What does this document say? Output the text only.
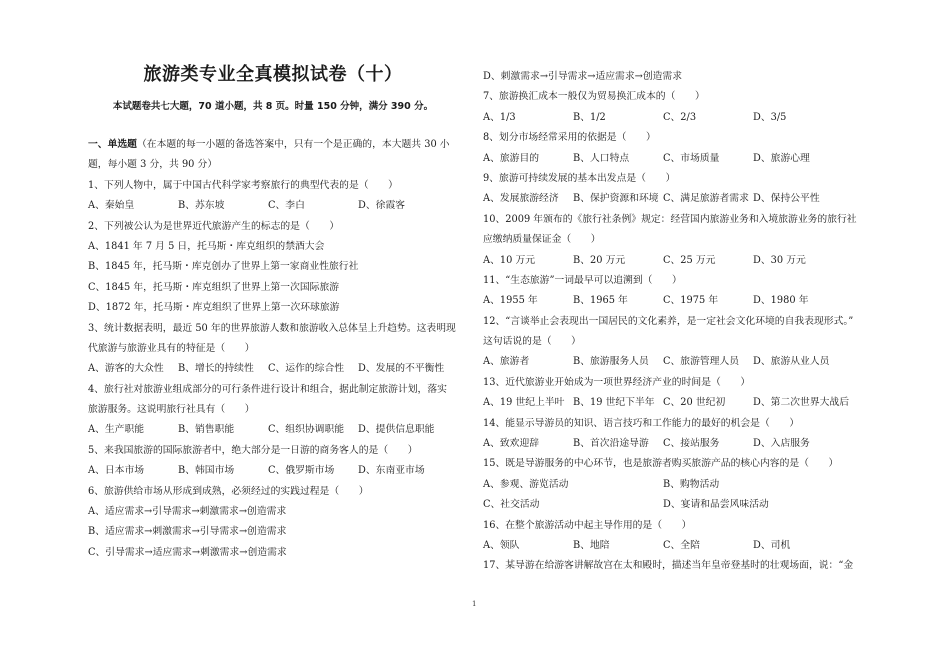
旅游类专业全真模拟试卷（十）
本试题卷共七大题，70 道小题，共 8 页。时量 150 分钟，满分 390 分。
一、单选题（在本题的每一小题的备选答案中，只有一个是正确的，本大题共 30 小
题，每小题 3 分，共 90 分）
1、下列人物中，属于中国古代科学家考察旅行的典型代表的是（　　）
A、秦始皇	B、苏东坡	C、李白	D、徐霞客
2、下列被公认为是世界近代旅游产生的标志的是（　　）
A、1841 年 7 月 5 日，托马斯・库克组织的禁酒大会
B、1845 年，托马斯・库克创办了世界上第一家商业性旅行社
C、1845 年，托马斯・库克组织了世界上第一次国际旅游
D、1872 年，托马斯・库克组织了世界上第一次环球旅游
3、统计数据表明，最近 50 年的世界旅游人数和旅游收入总体呈上升趋势。这表明现
代旅游与旅游业具有的特征是（　　）
A、游客的大众性	B、增长的持续性	C、运作的综合性	D、发展的不平衡性
4、旅行社对旅游业组成部分的可行条件进行设计和组合，据此制定旅游计划，落实
旅游服务。这说明旅行社具有（　　）
A、生产职能	B、销售职能	C、组织协调职能	D、提供信息职能
5、来我国旅游的国际旅游者中，绝大部分是一日游的商务客人的是（　　）
A、日本市场	B、韩国市场	C、俄罗斯市场	D、东南亚市场
6、旅游供给市场从形成到成熟，必须经过的实践过程是（　　）
A、适应需求→引导需求→刺激需求→创造需求
B、适应需求→刺激需求→引导需求→创造需求
C、引导需求→适应需求→刺激需求→创造需求
D、刺激需求→引导需求→适应需求→创造需求
7、旅游换汇成本一般仅为贸易换汇成本的（　　）
A、1/3	B、1/2	C、2/3	D、3/5
8、划分市场经常采用的依据是（　　）
A、旅游目的	B、人口特点	C、市场质量	D、旅游心理
9、旅游可持续发展的基本出发点是（　　）
A、发展旅游经济	B、保护资源和环境 C、满足旅游者需求 D、保持公平性
10、2009 年颁布的《旅行社条例》规定：经营国内旅游业务和入境旅游业务的旅行社
应缴纳质量保证金（　　）
A、10 万元	B、20 万元	C、25 万元	D、30 万元
11、“生态旅游”一词最早可以追溯到（　　）
A、1955 年	B、1965 年	C、1975 年	D、1980 年
12、“言谈举止会表现出一国居民的文化素养，是一定社会文化环境的自我表现形式。”
这句话说的是（　　）
A、旅游者	B、旅游服务人员	C、旅游管理人员	D、旅游从业人员
13、近代旅游业开始成为一项世界经济产业的时间是（　　）
A、19 世纪上半叶 B、19 世纪下半年 C、20 世纪初	D、第二次世界大战后
14、能显示导游员的知识、语言技巧和工作能力的最好的机会是（　　）
A、致欢迎辞	B、首次沿途导游	C、接站服务	D、入店服务
15、既是导游服务的中心环节，也是旅游者购买旅游产品的核心内容的是（　　）
A、参观、游览活动	B、购物活动
C、社交活动	D、宴请和品尝风味活动
16、在整个旅游活动中起主导作用的是（　　）
A、领队	B、地陪	C、全陪	D、司机
17、某导游在给游客讲解故宫在太和殿时，描述当年皇帝登基时的壮观场面，说：“金
1
